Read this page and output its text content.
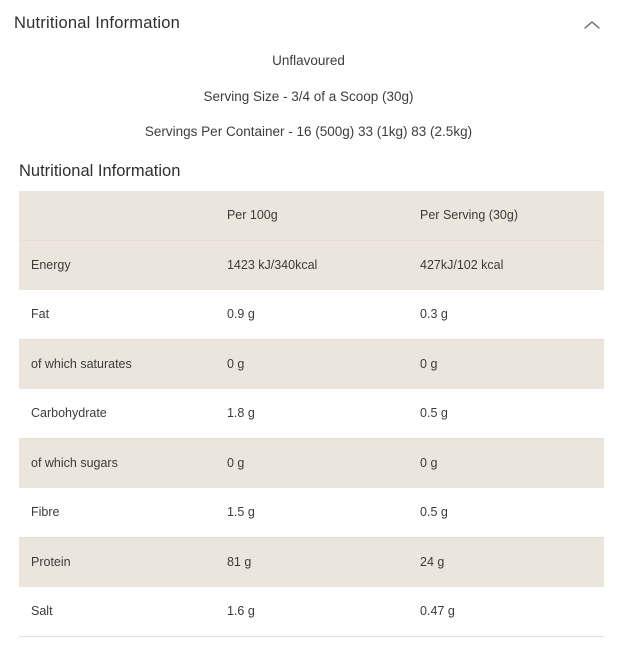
Nutritional Information

Unflavoured

Serving Size - 3/4 of a Scoop (30g)

Servings Per Container - 16 (500g) 33 (1kg) 83 (2.5kg)

Nutritional Information
	Per 100g	Per Serving (30g)
Energy	1423 kJ/340kcal	427kJ/102 kcal
Fat	0.9 g	0.3 g
of which saturates	0 g	0 g
Carbohydrate	1.8 g	0.5 g
of which sugars	0 g	0 g
Fibre	1.5 g	0.5 g
Protein	81 g	24 g
Salt	1.6 g	0.47 g
